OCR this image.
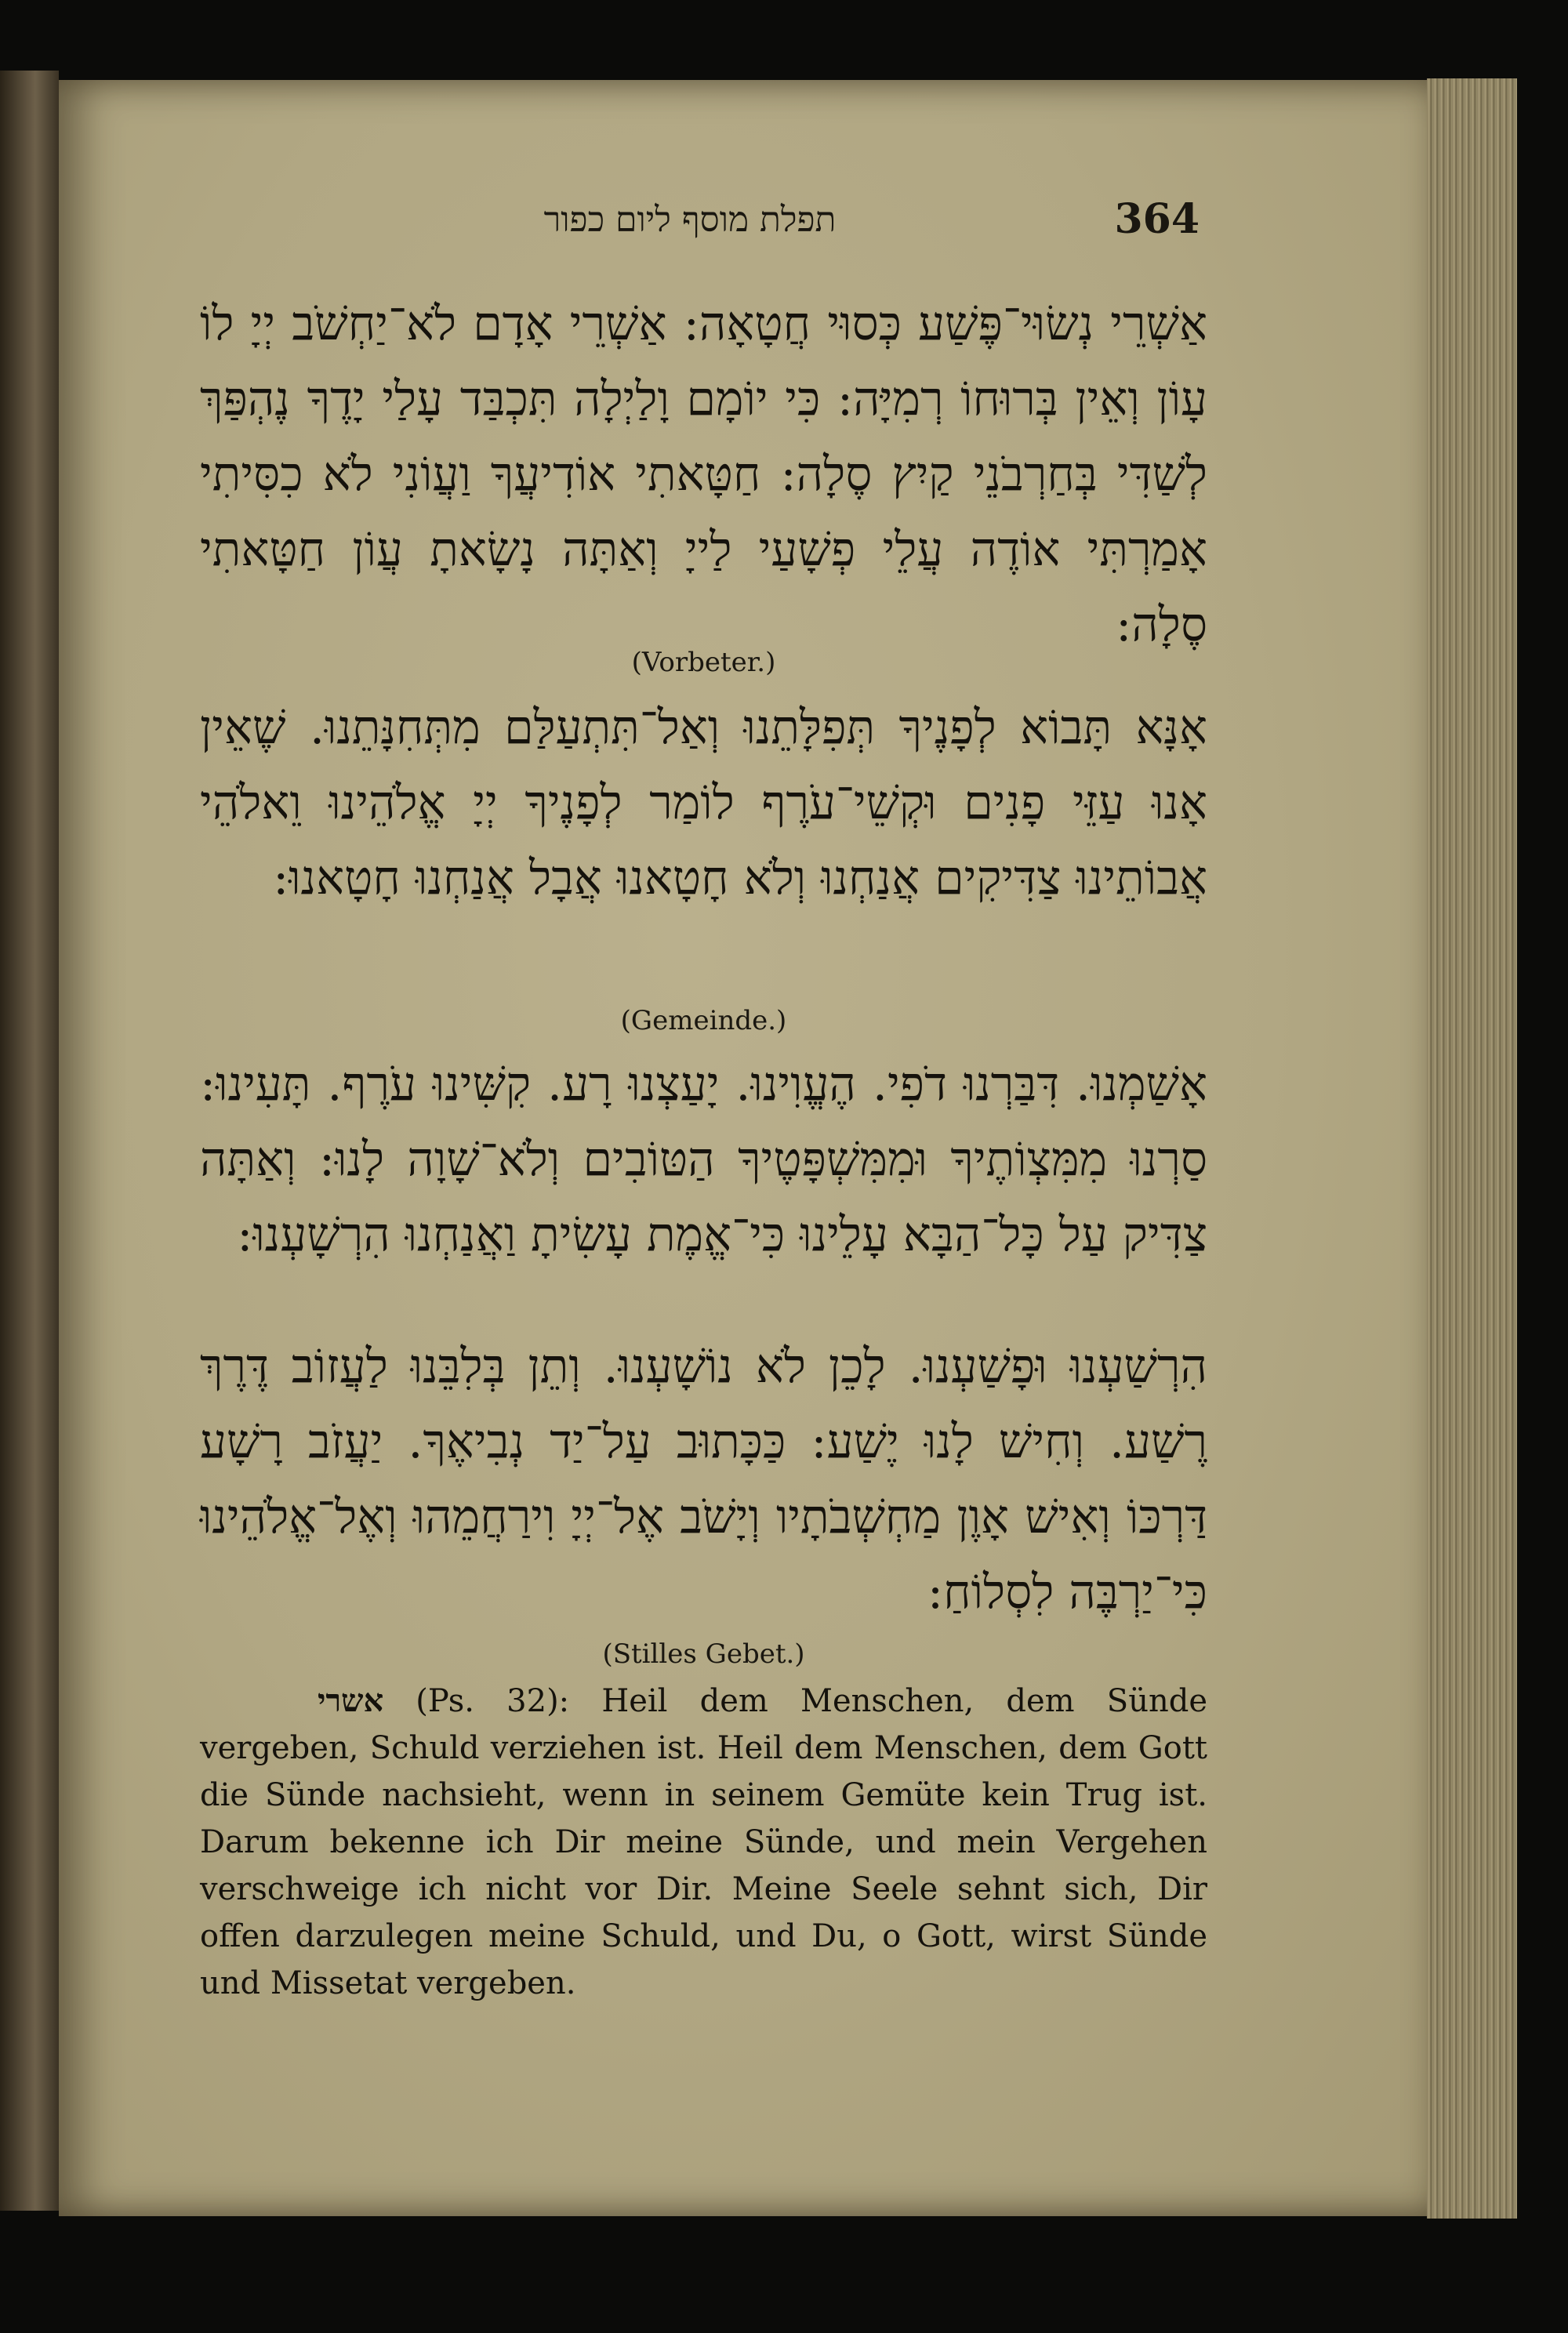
תפלת מוסף ליום כפור	364
אַשְׁרֵי נְשׂוּי־פֶּשַׁע כְּסוּי חֲטָאָה: אַשְׁרֵי אָדָם לֹא־יַחְשֹׁב יְיָ לוֹ עָוֹן וְאֵין בְּרוּחוֹ רְמִיָּה: כִּי יוֹמָם וָלַיְלָה תִּכְבַּד עָלַי יָדֶךָ נֶהְפַּךְ לְשַׁדִּי בְּחַרְבֹנֵי קַיִץ סֶלָה: חַטָּאתִי אוֹדִיעֲךָ וַעֲוֹנִי לֹא כִסִּיתִי אָמַרְתִּי אוֹדֶה עֲלֵי פְשָׁעַי לַייָ וְאַתָּה נָשָׂאתָ עֲוֹן חַטָּאתִי סֶלָה:
(Vorbeter.)
אָנָּא תָּבוֹא לְפָנֶיךָ תְּפִלָּתֵנוּ וְאַל־תִּתְעַלַּם מִתְּחִנָּתֵנוּ. שֶׁאֵין אָנוּ עַזֵּי פָנִים וּקְשֵׁי־עֹרֶף לוֹמַר לְפָנֶיךָ יְיָ אֱלֹהֵינוּ וֵאלֹהֵי אֲבוֹתֵינוּ צַדִּיקִים אֲנַחְנוּ וְלֹא חָטָאנוּ אֲבָל אֲנַחְנוּ חָטָאנוּ:
(Gemeinde.)
אָשַׁמְנוּ. דִּבַּרְנוּ דֹפִי. הֶעֱוִינוּ. יָעַצְנוּ רָע. קִשִּׁינוּ עֹרֶף. תָּעִינוּ: סַרְנוּ מִמִּצְוֹתֶיךָ וּמִמִּשְׁפָּטֶיךָ הַטּוֹבִים וְלֹא־שָׁוָה לָנוּ: וְאַתָּה צַדִּיק עַל כָּל־הַבָּא עָלֵינוּ כִּי־אֱמֶת עָשִׂיתָ וַאֲנַחְנוּ הִרְשָׁעְנוּ:
הִרְשַׁעְנוּ וּפָשַׁעְנוּ. לָכֵן לֹא נוֹשָׁעְנוּ. וְתֵן בְּלִבֵּנוּ לַעֲזוֹב דֶּרֶךְ רֶשַׁע. וְחִישׁ לָנוּ יֶשַׁע: כַּכָּתוּב עַל־יַד נְבִיאֶךָ. יַעֲזֹב רָשָׁע דַּרְכּוֹ וְאִישׁ אָוֶן מַחְשְׁבֹתָיו וְיָשֹׁב אֶל־יְיָ וִירַחֲמֵהוּ וְאֶל־אֱלֹהֵינוּ כִּי־יַרְבֶּה לִסְלוֹחַ:
(Stilles Gebet.)
אשרי (Ps. 32): Heil dem Menschen, dem Sünde vergeben, Schuld verziehen ist. Heil dem Menschen, dem Gott die Sünde nachsieht, wenn in seinem Gemüte kein Trug ist. Darum bekenne ich Dir meine Sünde, und mein Vergehen verschweige ich nicht vor Dir. Meine Seele sehnt sich, Dir offen darzulegen meine Schuld, und Du, o Gott, wirst Sünde und Missetat vergeben.
